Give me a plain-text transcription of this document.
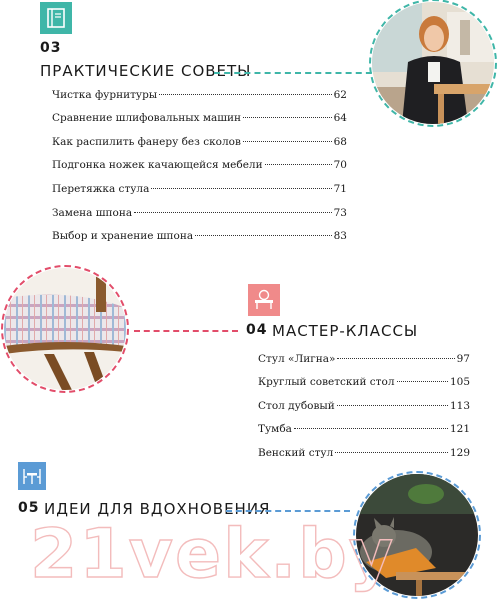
03
ПРАКТИЧЕСКИЕ СОВЕТЫ
Чистка фурнитуры	62
Сравнение шлифовальных машин	64
Как распилить фанеру без сколов	68
Подгонка ножек качающейся мебели	70
Перетяжка стула	71
Замена шпона	73
Выбор и хранение шпона	83
04 МАСТЕР-КЛАССЫ
Стул «Лигна»	97
Круглый советский стол	105
Стол дубовый	113
Тумба	121
Венский стул	129
05 ИДЕИ ДЛЯ ВДОХНОВЕНИЯ
21vek.by
